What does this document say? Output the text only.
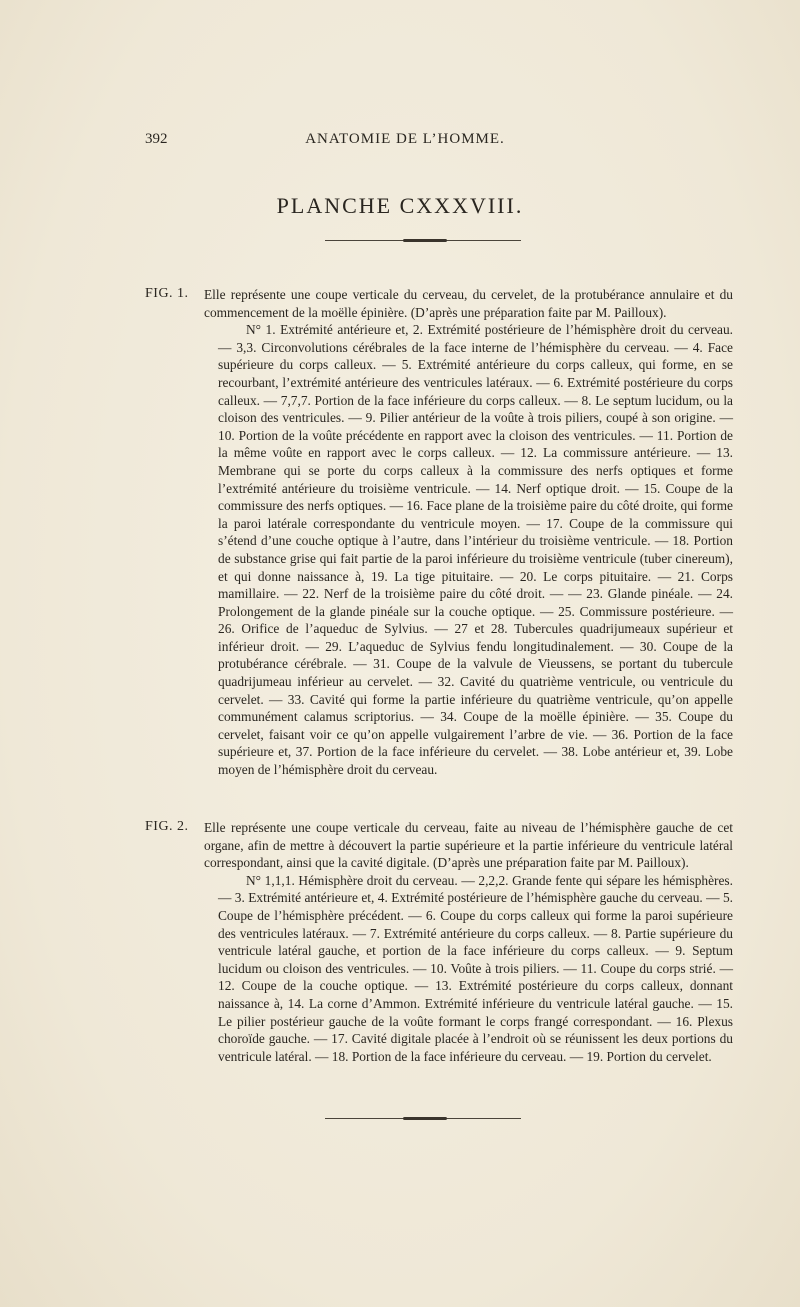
392	ANATOMIE DE L’HOMME.
PLANCHE CXXXVIII.
FIG. 1. Elle représente une coupe verticale du cerveau, du cervelet, de la protubérance annulaire et du commencement de la moëlle épinière. (D’après une préparation faite par M. Pailloux).

N° 1. Extrémité antérieure et, 2. Extrémité postérieure de l’hémisphère droit du cerveau. — 3,3. Circonvolutions cérébrales de la face interne de l’hémisphère du cerveau. — 4. Face supérieure du corps calleux. — 5. Extrémité antérieure du corps calleux, qui forme, en se recourbant, l’extrémité antérieure des ventricules latéraux. — 6. Extrémité postérieure du corps calleux. — 7,7,7. Portion de la face inférieure du corps calleux. — 8. Le septum lucidum, ou la cloison des ventricules. — 9. Pilier antérieur de la voûte à trois piliers, coupé à son origine. — 10. Portion de la voûte précédente en rapport avec la cloison des ventricules. — 11. Portion de la même voûte en rapport avec le corps calleux. — 12. La commissure antérieure. — 13. Membrane qui se porte du corps calleux à la commissure des nerfs optiques et forme l’extrémité antérieure du troisième ventricule. — 14. Nerf optique droit. — 15. Coupe de la commissure des nerfs optiques. — 16. Face plane de la troisième paire du côté droite, qui forme la paroi latérale correspondante du ventricule moyen. — 17. Coupe de la commissure qui s’étend d’une couche optique à l’autre, dans l’intérieur du troisième ventricule. — 18. Portion de substance grise qui fait partie de la paroi inférieure du troisième ventricule (tuber cinereum), et qui donne naissance à, 19. La tige pituitaire. — 20. Le corps pituitaire. — 21. Corps mamillaire. — 22. Nerf de la troisième paire du côté droit. — — 23. Glande pinéale. — 24. Prolongement de la glande pinéale sur la couche optique. — 25. Commissure postérieure. — 26. Orifice de l’aqueduc de Sylvius. — 27 et 28. Tubercules quadrijumeaux supérieur et inférieur droit. — 29. L’aqueduc de Sylvius fendu longitudinalement. — 30. Coupe de la protubérance cérébrale. — 31. Coupe de la valvule de Vieussens, se portant du tubercule quadrijumeau inférieur au cervelet. — 32. Cavité du quatrième ventricule, ou ventricule du cervelet. — 33. Cavité qui forme la partie inférieure du quatrième ventricule, qu’on appelle communément calamus scriptorius. — 34. Coupe de la moëlle épinière. — 35. Coupe du cervelet, faisant voir ce qu’on appelle vulgairement l’arbre de vie. — 36. Portion de la face supérieure et, 37. Portion de la face inférieure du cervelet. — 38. Lobe antérieur et, 39. Lobe moyen de l’hémisphère droit du cerveau.

FIG. 2. Elle représente une coupe verticale du cerveau, faite au niveau de l’hémisphère gauche de cet organe, afin de mettre à découvert la partie supérieure et la partie inférieure du ventricule latéral correspondant, ainsi que la cavité digitale. (D’après une préparation faite par M. Pailloux).

N° 1,1,1. Hémisphère droit du cerveau. — 2,2,2. Grande fente qui sépare les hémisphères. — 3. Extrémité antérieure et, 4. Extrémité postérieure de l’hémisphère gauche du cerveau. — 5. Coupe de l’hémisphère précédent. — 6. Coupe du corps calleux qui forme la paroi supérieure des ventricules latéraux. — 7. Extrémité antérieure du corps calleux. — 8. Partie supérieure du ventricule latéral gauche, et portion de la face inférieure du corps calleux. — 9. Septum lucidum ou cloison des ventricules. — 10. Voûte à trois piliers. — 11. Coupe du corps strié. — 12. Coupe de la couche optique. — 13. Extrémité postérieure du corps calleux, donnant naissance à, 14. La corne d’Ammon. Extrémité inférieure du ventricule latéral gauche. — 15. Le pilier postérieur gauche de la voûte formant le corps frangé correspondant. — 16. Plexus choroïde gauche. — 17. Cavité digitale placée à l’endroit où se réunissent les deux portions du ventricule latéral. — 18. Portion de la face inférieure du cerveau. — 19. Portion du cervelet.
